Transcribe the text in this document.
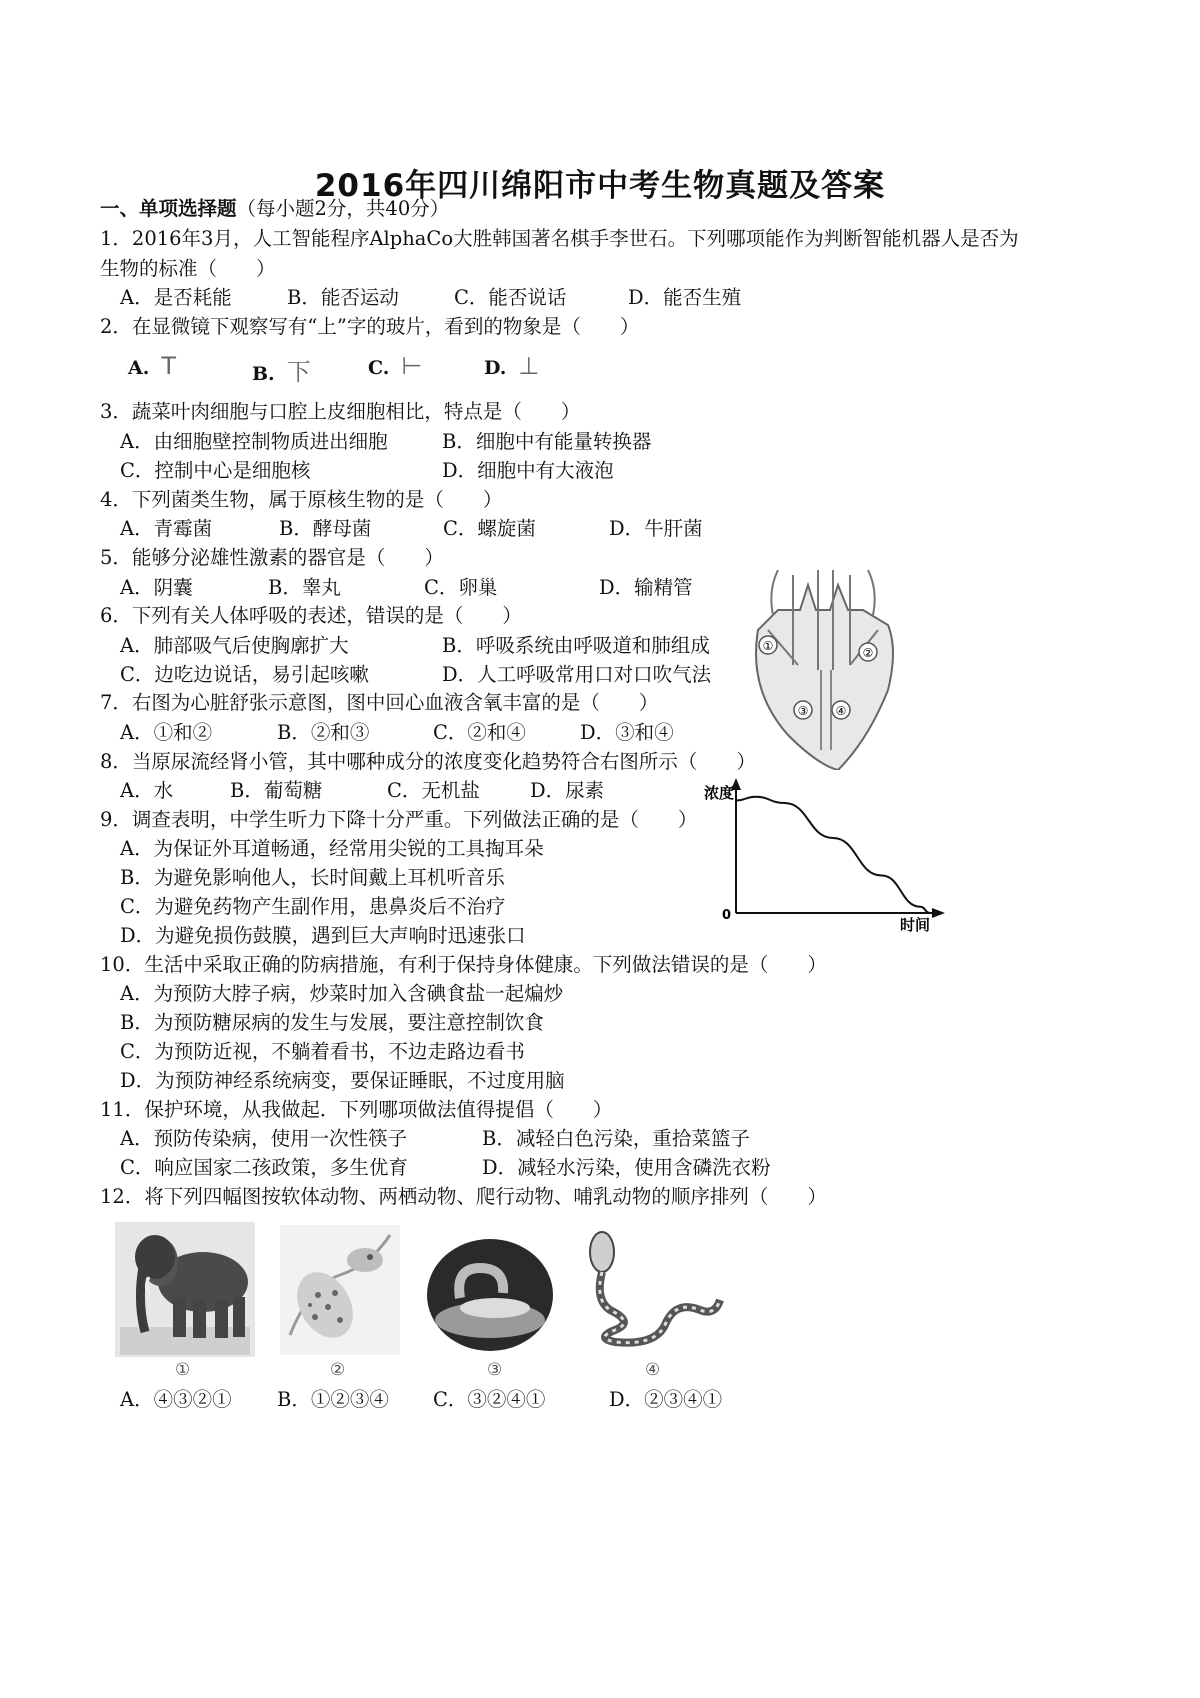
2016年四川绵阳市中考生物真题及答案
一、单项选择题（每小题2分，共40分）
1．2016年3月，人工智能程序AlphaCo大胜韩国著名棋手李世石。下列哪项能作为判断智能机器人是否为
生物的标准（　　）
A．是否耗能	B．能否运动	C．能否说话	D．能否生殖
2．在显微镜下观察写有“上”字的玻片，看到的物象是（　　）
A. T	B. 下	C. ⊢	D. ⊥
3．蔬菜叶肉细胞与口腔上皮细胞相比，特点是（　　）
A．由细胞壁控制物质进出细胞	B．细胞中有能量转换器
C．控制中心是细胞核	D．细胞中有大液泡
4．下列菌类生物，属于原核生物的是（　　）
A．青霉菌	B．酵母菌	C．螺旋菌	D．牛肝菌
5．能够分泌雄性激素的器官是（　　）
A．阴囊	B．睾丸	C．卵巢	D．输精管
6．下列有关人体呼吸的表述，错误的是（　　）
A．肺部吸气后使胸廓扩大	B．呼吸系统由呼吸道和肺组成
C．边吃边说话，易引起咳嗽	D．人工呼吸常用口对口吹气法
7．右图为心脏舒张示意图，图中回心血液含氧丰富的是（　　）
A．①和②	B．②和③	C．②和④	D．③和④
8．当原尿流经肾小管，其中哪种成分的浓度变化趋势符合右图所示（　　）
A．水	B．葡萄糖	C．无机盐	D．尿素
9．调查表明，中学生听力下降十分严重。下列做法正确的是（　　）
A．为保证外耳道畅通，经常用尖锐的工具掏耳朵
B．为避免影响他人，长时间戴上耳机听音乐
C．为避免药物产生副作用，患鼻炎后不治疗
D．为避免损伤鼓膜，遇到巨大声响时迅速张口
10．生活中采取正确的防病措施，有利于保持身体健康。下列做法错误的是（　　）
A．为预防大脖子病，炒菜时加入含碘食盐一起煸炒
B．为预防糖尿病的发生与发展，要注意控制饮食
C．为预防近视，不躺着看书，不边走路边看书
D．为预防神经系统病变，要保证睡眠，不过度用脑
11．保护环境，从我做起．下列哪项做法值得提倡（　　）
A．预防传染病，使用一次性筷子	B．减轻白色污染，重拾菜篮子
C．响应国家二孩政策，多生优育	D．减轻水污染，使用含磷洗衣粉
12．将下列四幅图按软体动物、两栖动物、爬行动物、哺乳动物的顺序排列（　　）
①	②	③	④
A．④③②① B．①②③④ C．③②④①	D．②③④①
①	②
③ ④
浓度
0
时间
